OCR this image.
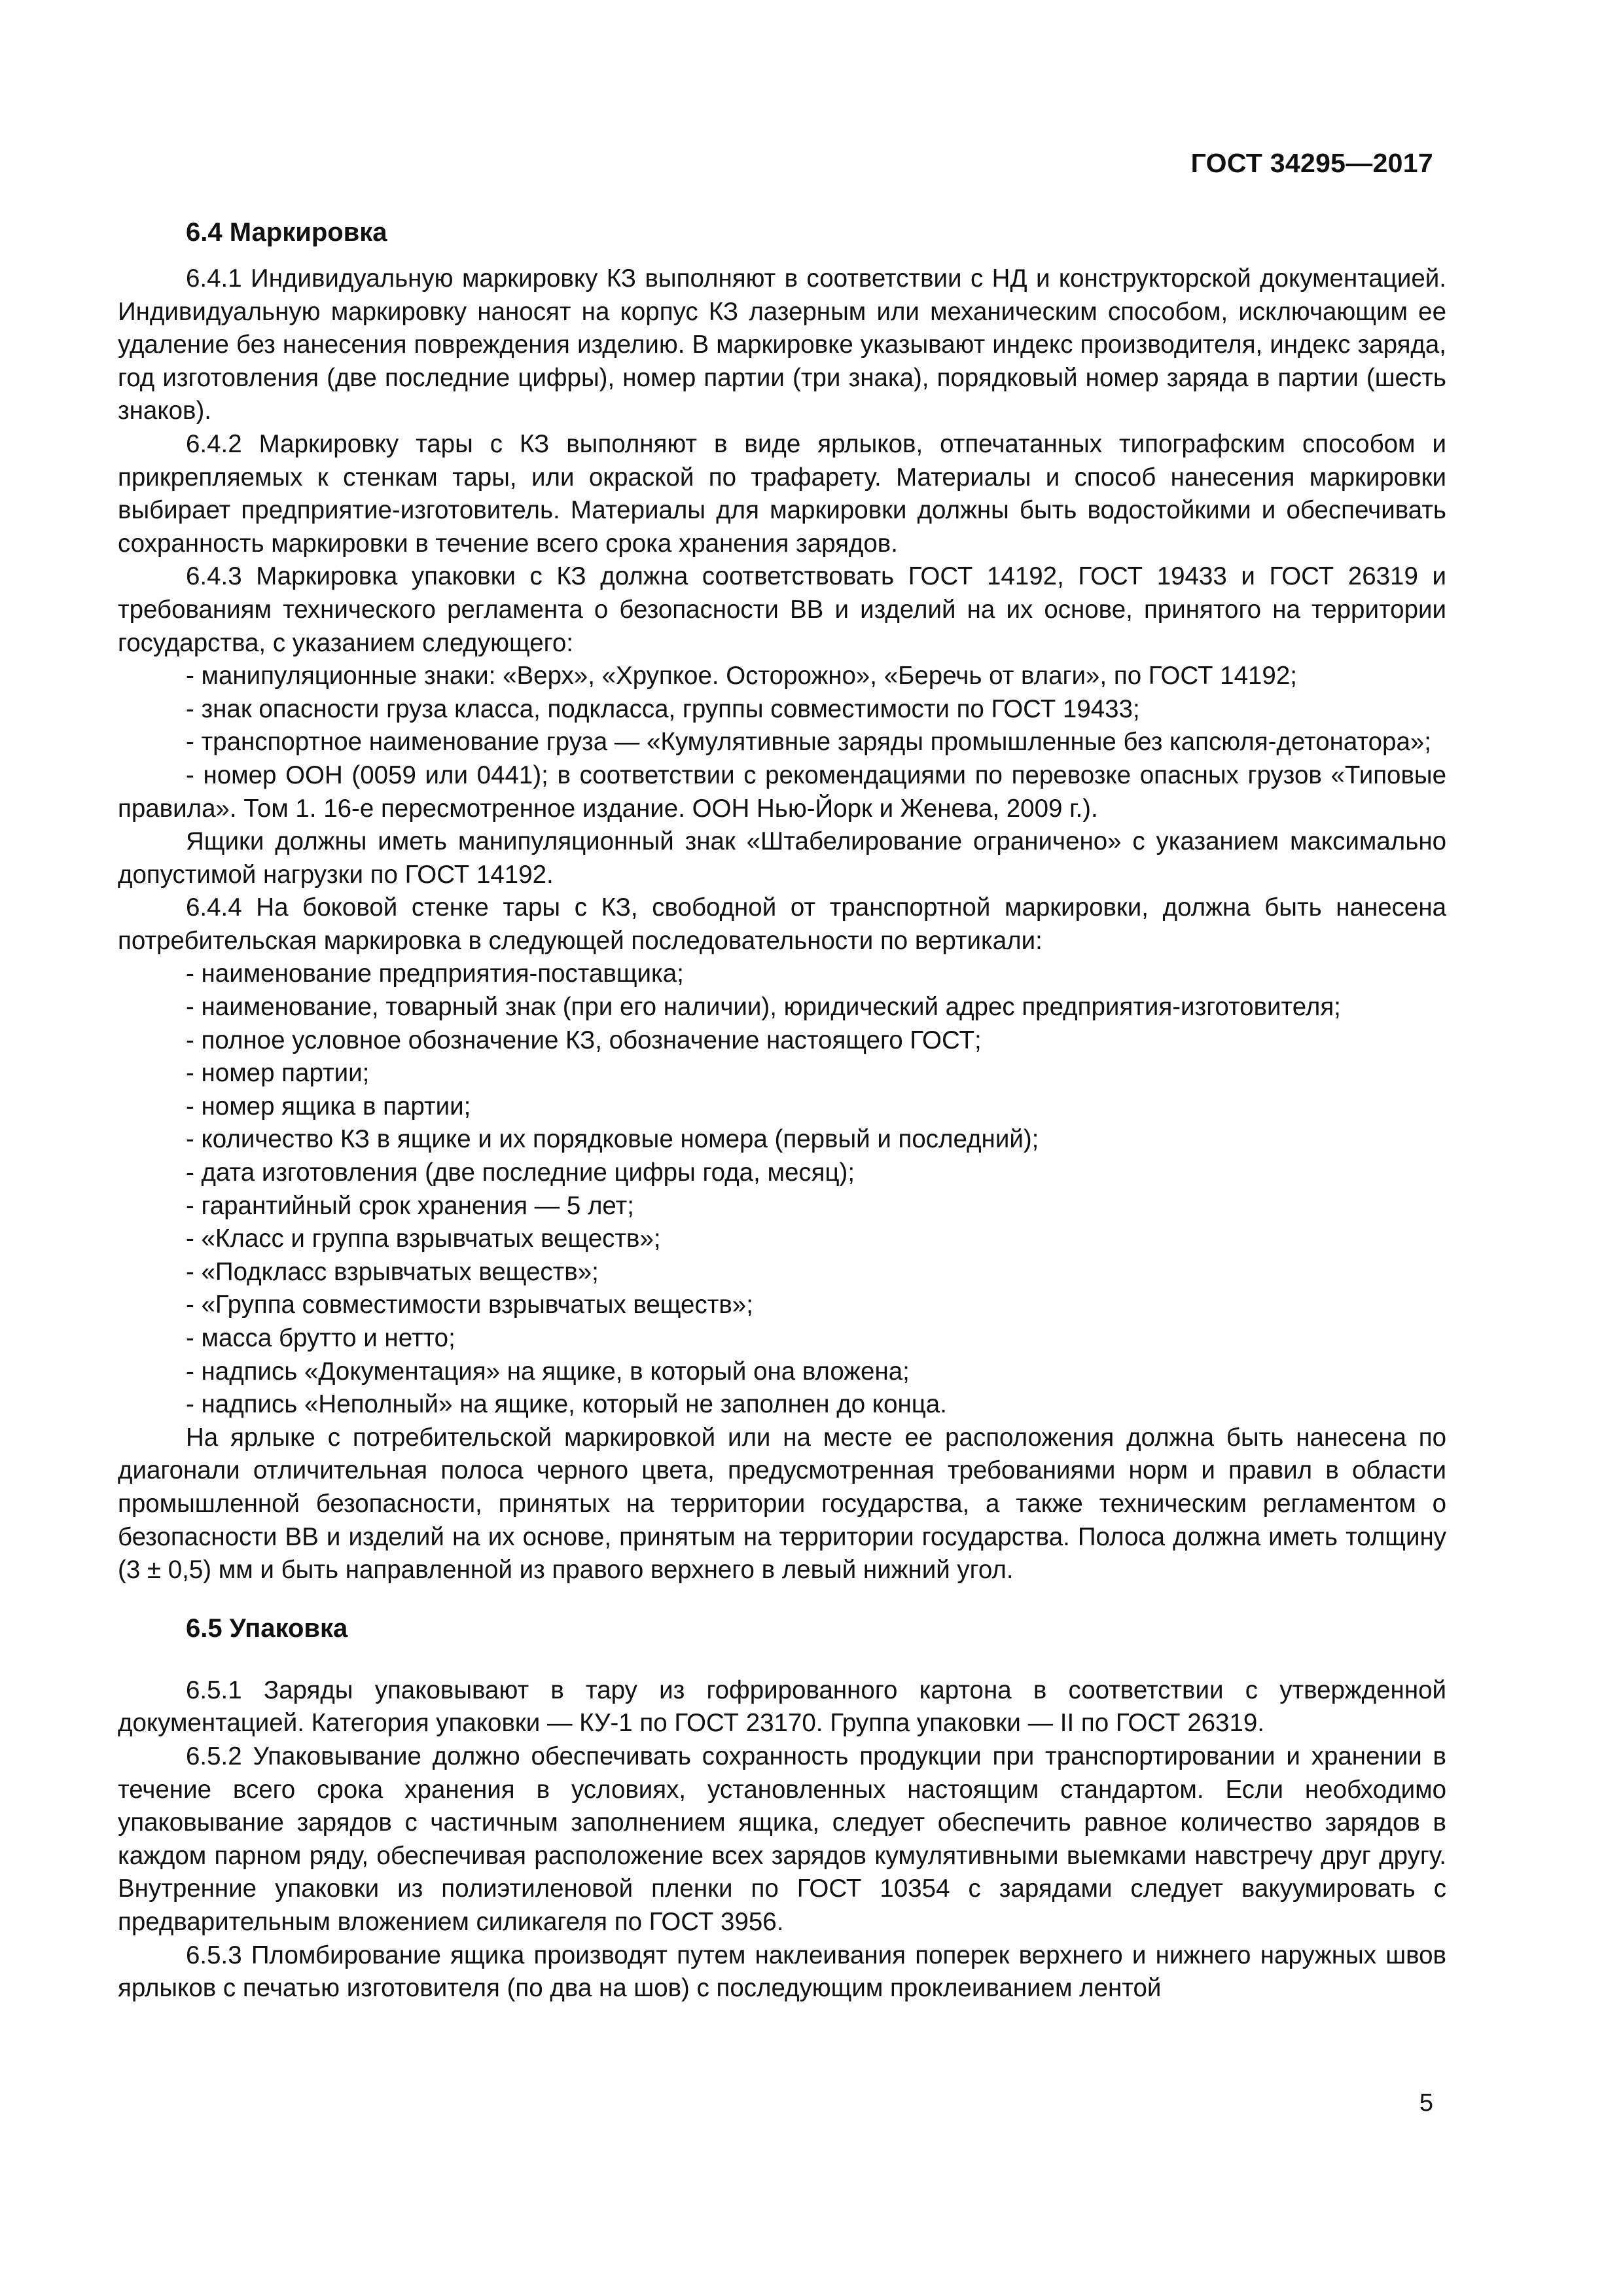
ГОСТ 34295—2017
6.4 Маркировка

6.4.1 Индивидуальную маркировку КЗ выполняют в соответствии с НД и конструкторской документацией. Индивидуальную маркировку наносят на корпус КЗ лазерным или механическим способом, исключающим ее удаление без нанесения повреждения изделию. В маркировке указывают индекс производителя, индекс заряда, год изготовления (две последние цифры), номер партии (три знака), порядковый номер заряда в партии (шесть знаков).

6.4.2 Маркировку тары с КЗ выполняют в виде ярлыков, отпечатанных типографским способом и прикрепляемых к стенкам тары, или окраской по трафарету. Материалы и способ нанесения маркировки выбирает предприятие-изготовитель. Материалы для маркировки должны быть водостойкими и обеспечивать сохранность маркировки в течение всего срока хранения зарядов.

6.4.3 Маркировка упаковки с КЗ должна соответствовать ГОСТ 14192, ГОСТ 19433 и ГОСТ 26319 и требованиям технического регламента о безопасности ВВ и изделий на их основе, принятого на территории государства, с указанием следующего:

- манипуляционные знаки: «Верх», «Хрупкое. Осторожно», «Беречь от влаги», по ГОСТ 14192;
- знак опасности груза класса, подкласса, группы совместимости по ГОСТ 19433;
- транспортное наименование груза — «Кумулятивные заряды промышленные без капсюля-детонатора»;
- номер ООН (0059 или 0441); в соответствии с рекомендациями по перевозке опасных грузов «Типовые правила». Том 1. 16-е пересмотренное издание. ООН Нью-Йорк и Женева, 2009 г.).

Ящики должны иметь манипуляционный знак «Штабелирование ограничено» с указанием максимально допустимой нагрузки по ГОСТ 14192.

6.4.4 На боковой стенке тары с КЗ, свободной от транспортной маркировки, должна быть нанесена потребительская маркировка в следующей последовательности по вертикали:

- наименование предприятия-поставщика;
- наименование, товарный знак (при его наличии), юридический адрес предприятия-изготовителя;
- полное условное обозначение КЗ, обозначение настоящего ГОСТ;
- номер партии;
- номер ящика в партии;
- количество КЗ в ящике и их порядковые номера (первый и последний);
- дата изготовления (две последние цифры года, месяц);
- гарантийный срок хранения — 5 лет;
- «Класс и группа взрывчатых веществ»;
- «Подкласс взрывчатых веществ»;
- «Группа совместимости взрывчатых веществ»;
- масса брутто и нетто;
- надпись «Документация» на ящике, в который она вложена;
- надпись «Неполный» на ящике, который не заполнен до конца.

На ярлыке с потребительской маркировкой или на месте ее расположения должна быть нанесена по диагонали отличительная полоса черного цвета, предусмотренная требованиями норм и правил в области промышленной безопасности, принятых на территории государства, а также техническим регламентом о безопасности ВВ и изделий на их основе, принятым на территории государства. Полоса должна иметь толщину (3 ± 0,5) мм и быть направленной из правого верхнего в левый нижний угол.

6.5 Упаковка

6.5.1 Заряды упаковывают в тару из гофрированного картона в соответствии с утвержденной документацией. Категория упаковки — КУ-1 по ГОСТ 23170. Группа упаковки — II по ГОСТ 26319.

6.5.2 Упаковывание должно обеспечивать сохранность продукции при транспортировании и хранении в течение всего срока хранения в условиях, установленных настоящим стандартом. Если необходимо упаковывание зарядов с частичным заполнением ящика, следует обеспечить равное количество зарядов в каждом парном ряду, обеспечивая расположение всех зарядов кумулятивными выемками навстречу друг другу. Внутренние упаковки из полиэтиленовой пленки по ГОСТ 10354 с зарядами следует вакуумировать с предварительным вложением силикагеля по ГОСТ 3956.

6.5.3 Пломбирование ящика производят путем наклеивания поперек верхнего и нижнего наружных швов ярлыков с печатью изготовителя (по два на шов) с последующим проклеиванием лентой

5
